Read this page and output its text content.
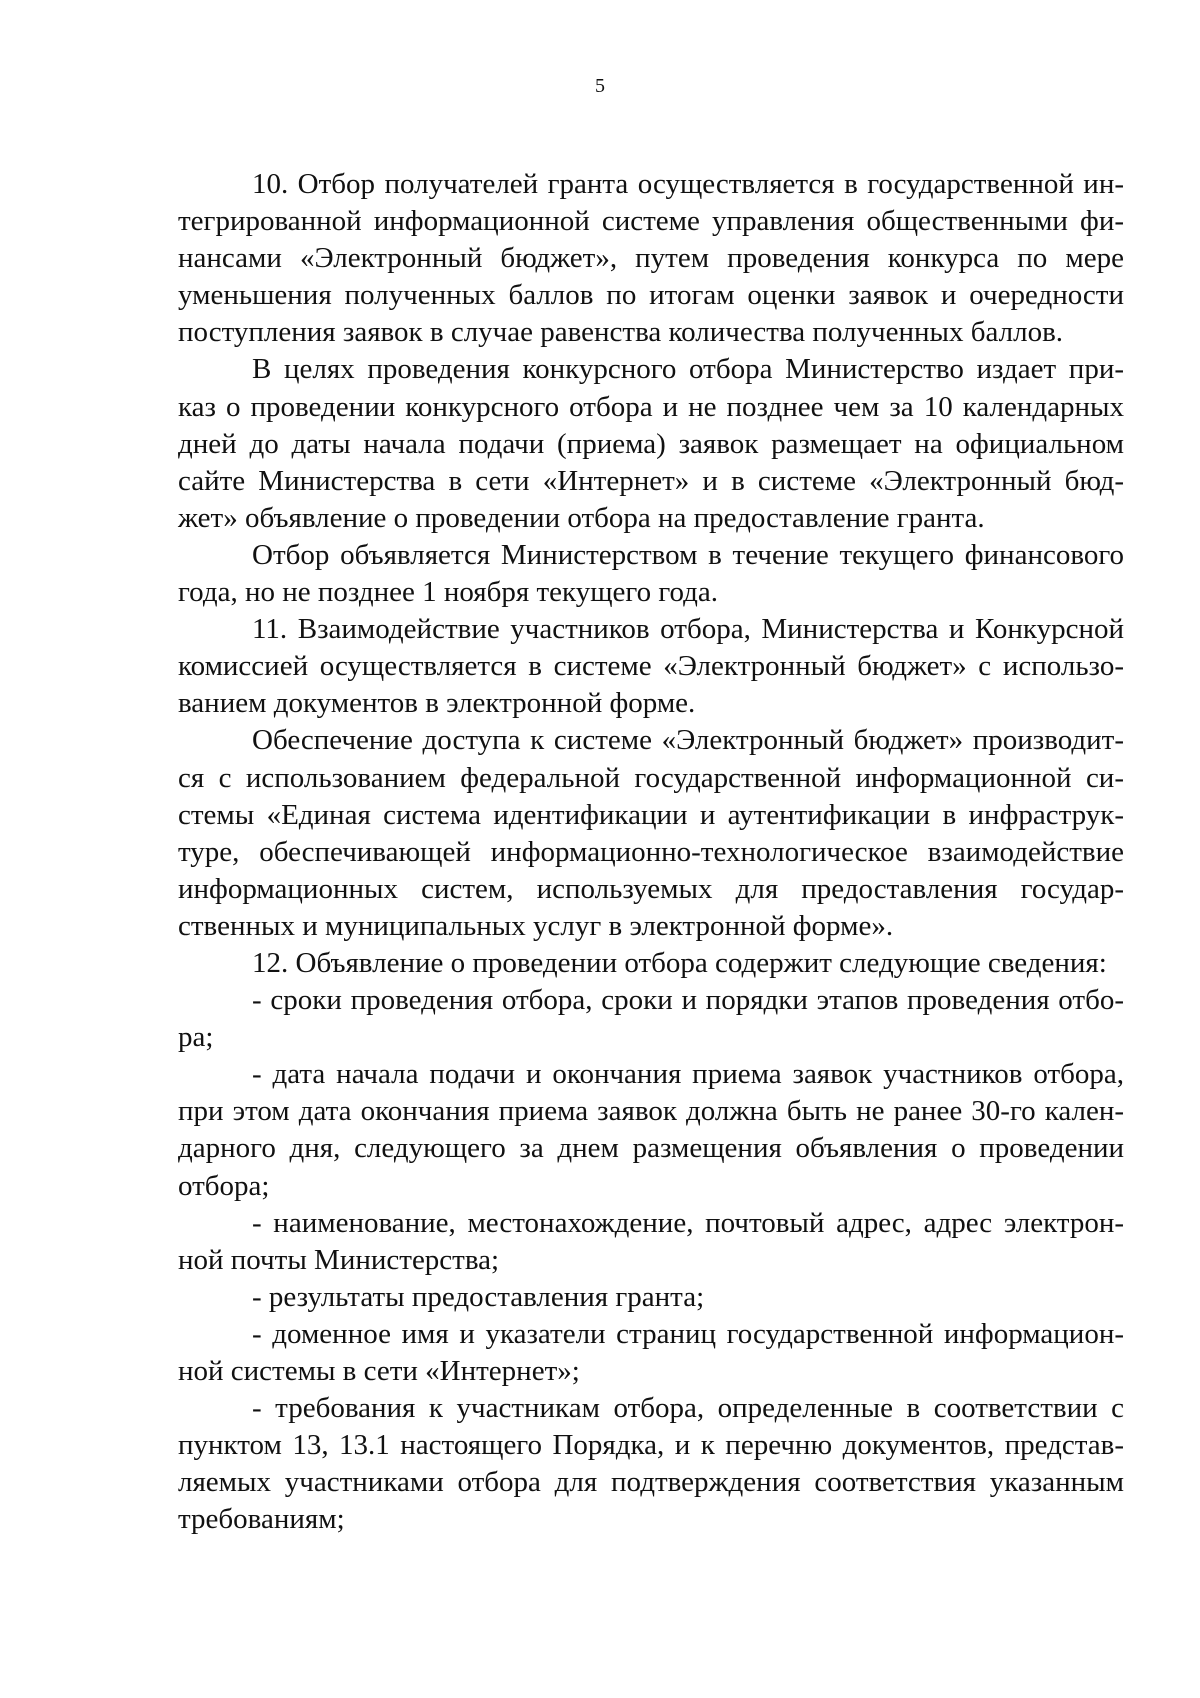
5
10. Отбор получателей гранта осуществляется в государственной ин-
тегрированной информационной системе управления общественными фи-
нансами «Электронный бюджет», путем проведения конкурса по мере
уменьшения полученных баллов по итогам оценки заявок и очередности
поступления заявок в случае равенства количества полученных баллов.
В целях проведения конкурсного отбора Министерство издает при-
каз о проведении конкурсного отбора и не позднее чем за 10 календарных
дней до даты начала подачи (приема) заявок размещает на официальном
сайте Министерства в сети «Интернет» и в системе «Электронный бюд-
жет» объявление о проведении отбора на предоставление гранта.
Отбор объявляется Министерством в течение текущего финансового
года, но не позднее 1 ноября текущего года.
11. Взаимодействие участников отбора, Министерства и Конкурсной
комиссией осуществляется в системе «Электронный бюджет» с использо-
ванием документов в электронной форме.
Обеспечение доступа к системе «Электронный бюджет» производит-
ся с использованием федеральной государственной информационной си-
стемы «Единая система идентификации и аутентификации в инфраструк-
туре, обеспечивающей информационно-технологическое взаимодействие
информационных систем, используемых для предоставления государ-
ственных и муниципальных услуг в электронной форме».
12. Объявление о проведении отбора содержит следующие сведения:
- сроки проведения отбора, сроки и порядки этапов проведения отбо-
ра;
- дата начала подачи и окончания приема заявок участников отбора,
при этом дата окончания приема заявок должна быть не ранее 30-го кален-
дарного дня, следующего за днем размещения объявления о проведении
отбора;
- наименование, местонахождение, почтовый адрес, адрес электрон-
ной почты Министерства;
- результаты предоставления гранта;
- доменное имя и указатели страниц государственной информацион-
ной системы в сети «Интернет»;
- требования к участникам отбора, определенные в соответствии с
пунктом 13, 13.1 настоящего Порядка, и к перечню документов, представ-
ляемых участниками отбора для подтверждения соответствия указанным
требованиям;
